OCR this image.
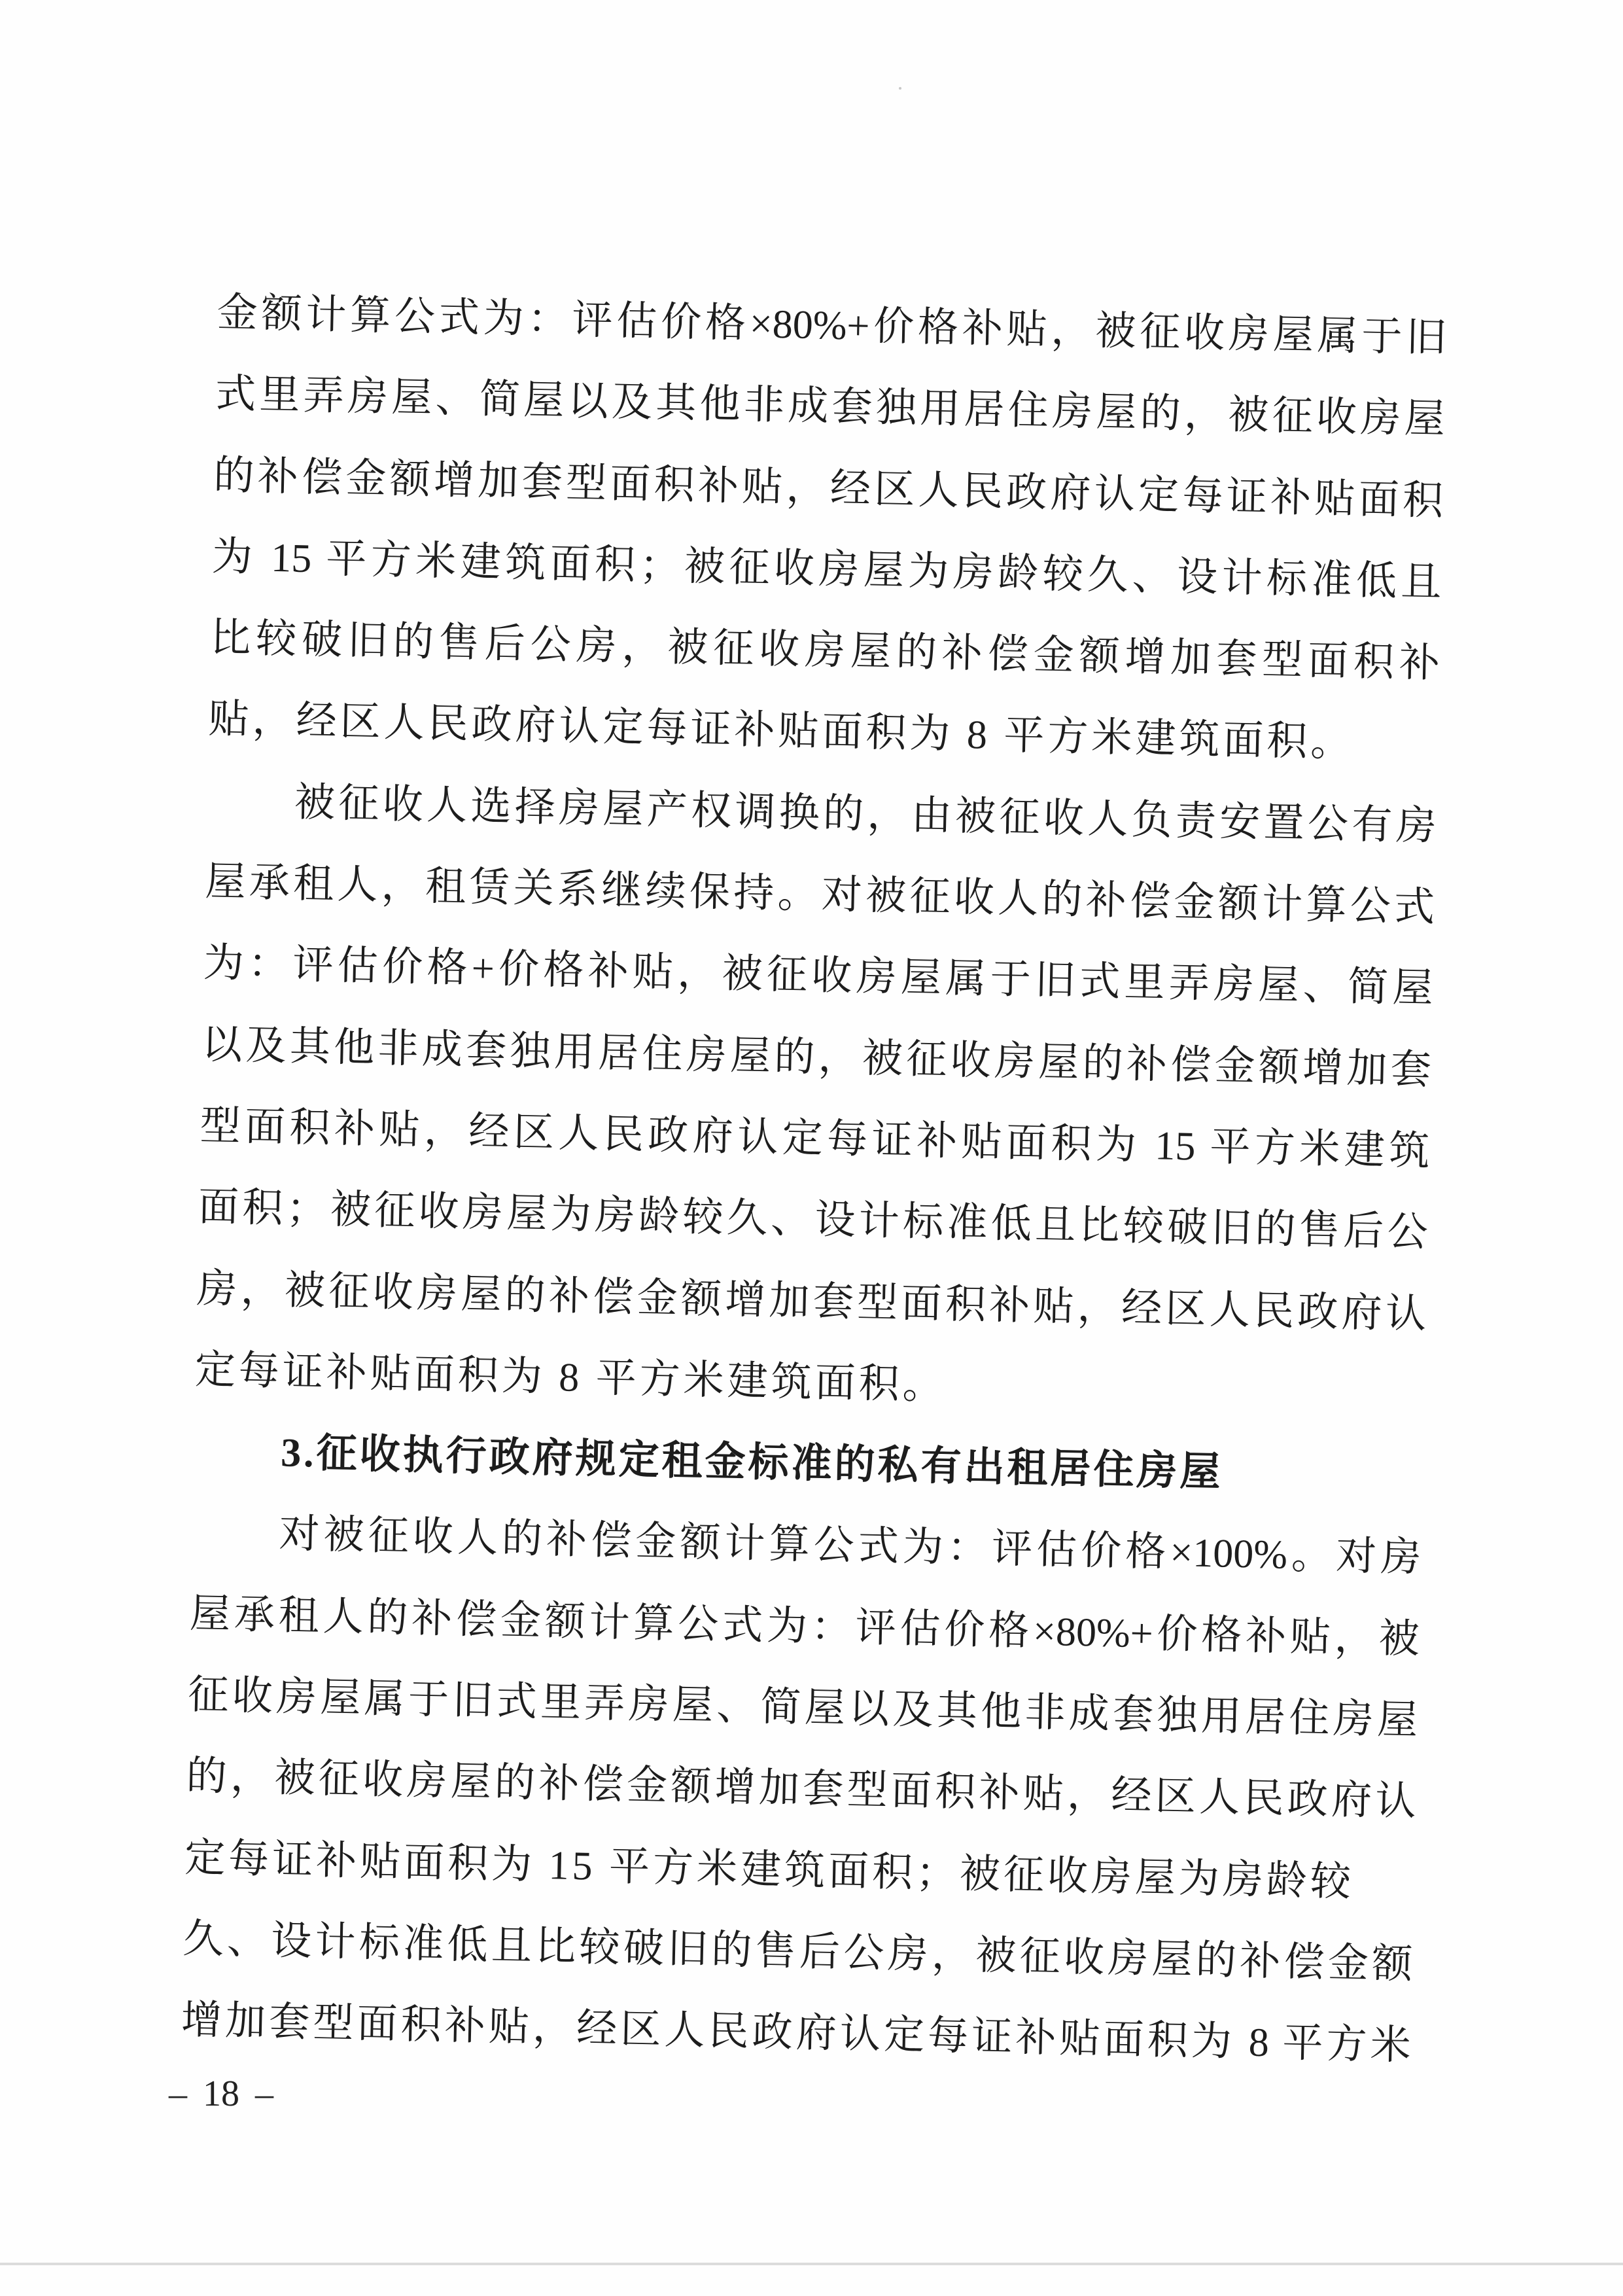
金额计算公式为：评估价格×80%+价格补贴，被征收房屋属于旧
式里弄房屋、简屋以及其他非成套独用居住房屋的，被征收房屋
的补偿金额增加套型面积补贴，经区人民政府认定每证补贴面积
为 15 平方米建筑面积；被征收房屋为房龄较久、设计标准低且
比较破旧的售后公房，被征收房屋的补偿金额增加套型面积补
贴，经区人民政府认定每证补贴面积为 8 平方米建筑面积。
被征收人选择房屋产权调换的，由被征收人负责安置公有房
屋承租人，租赁关系继续保持。对被征收人的补偿金额计算公式
为：评估价格+价格补贴，被征收房屋属于旧式里弄房屋、简屋
以及其他非成套独用居住房屋的，被征收房屋的补偿金额增加套
型面积补贴，经区人民政府认定每证补贴面积为 15 平方米建筑
面积；被征收房屋为房龄较久、设计标准低且比较破旧的售后公
房，被征收房屋的补偿金额增加套型面积补贴，经区人民政府认
定每证补贴面积为 8 平方米建筑面积。
3.征收执行政府规定租金标准的私有出租居住房屋
对被征收人的补偿金额计算公式为：评估价格×100%。对房
屋承租人的补偿金额计算公式为：评估价格×80%+价格补贴，被
征收房屋属于旧式里弄房屋、简屋以及其他非成套独用居住房屋
的，被征收房屋的补偿金额增加套型面积补贴，经区人民政府认
定每证补贴面积为 15 平方米建筑面积；被征收房屋为房龄较
久、设计标准低且比较破旧的售后公房，被征收房屋的补偿金额
增加套型面积补贴，经区人民政府认定每证补贴面积为 8 平方米
– 18 –
